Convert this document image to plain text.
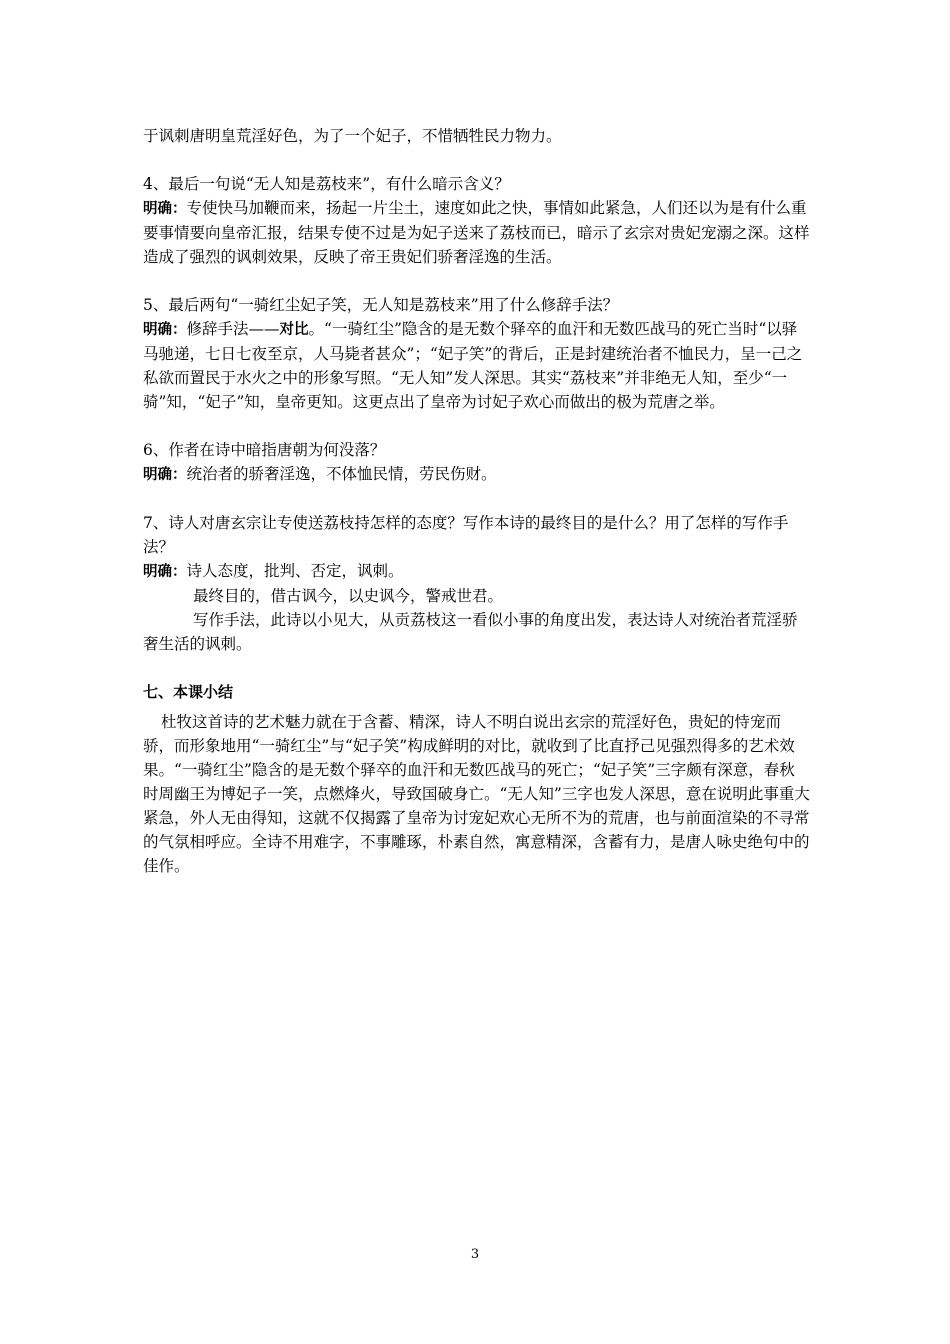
于讽刺唐明皇荒淫好色，为了一个妃子，不惜牺牲民力物力。

4、最后一句说“无人知是荔枝来”，有什么暗示含义？

明确：专使快马加鞭而来，扬起一片尘土，速度如此之快，事情如此紧急，人们还以为是有什么重要事情要向皇帝汇报，结果专使不过是为妃子送来了荔枝而已，暗示了玄宗对贵妃宠溺之深。这样造成了强烈的讽刺效果，反映了帝王贵妃们骄奢淫逸的生活。

5、最后两句“一骑红尘妃子笑，无人知是荔枝来”用了什么修辞手法？

明确：修辞手法——对比。“一骑红尘”隐含的是无数个驿卒的血汗和无数匹战马的死亡当时“以驿马驰递，七日七夜至京，人马毙者甚众”；“妃子笑”的背后，正是封建统治者不恤民力，呈一己之私欲而置民于水火之中的形象写照。“无人知”发人深思。其实“荔枝来”并非绝无人知，至少“一骑”知，“妃子”知，皇帝更知。这更点出了皇帝为讨妃子欢心而做出的极为荒唐之举。

6、作者在诗中暗指唐朝为何没落？

明确：统治者的骄奢淫逸，不体恤民情，劳民伤财。

7、诗人对唐玄宗让专使送荔枝持怎样的态度？写作本诗的最终目的是什么？用了怎样的写作手法？

明确：诗人态度，批判、否定，讽刺。

最终目的，借古讽今，以史讽今，警戒世君。

写作手法，此诗以小见大，从贡荔枝这一看似小事的角度出发，表达诗人对统治者荒淫骄奢生活的讽刺。

七、本课小结

杜牧这首诗的艺术魅力就在于含蓄、精深，诗人不明白说出玄宗的荒淫好色，贵妃的恃宠而骄，而形象地用“一骑红尘”与“妃子笑”构成鲜明的对比，就收到了比直抒己见强烈得多的艺术效果。“一骑红尘”隐含的是无数个驿卒的血汗和无数匹战马的死亡；“妃子笑”三字颇有深意，春秋时周幽王为博妃子一笑，点燃烽火，导致国破身亡。“无人知”三字也发人深思，意在说明此事重大紧急，外人无由得知，这就不仅揭露了皇帝为讨宠妃欢心无所不为的荒唐，也与前面渲染的不寻常的气氛相呼应。全诗不用难字，不事雕琢，朴素自然，寓意精深，含蓄有力，是唐人咏史绝句中的佳作。

3
